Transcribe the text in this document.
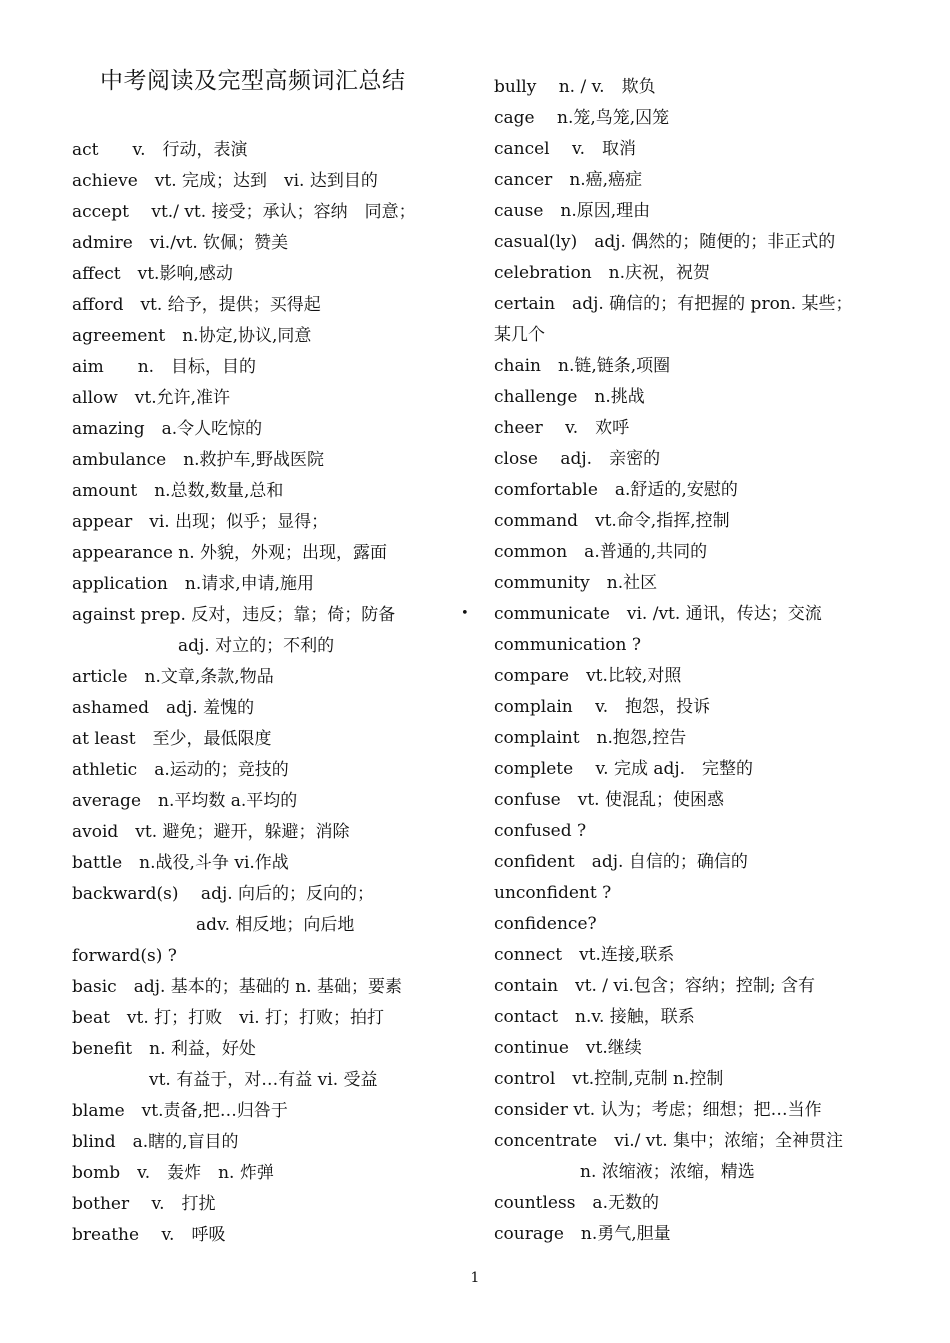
中考阅读及完型高频词汇总结
act　　v.　行动，表演
achieve　vt. 完成；达到　vi. 达到目的
accept　 vt./ vt. 接受；承认；容纳　同意；
admire　vi./vt. 钦佩；赞美
affect　vt.影响,感动
afford　vt. 给予，提供；买得起
agreement　n.协定,协议,同意
aim　　n.　目标，目的
allow　vt.允许,准许
amazing　a.令人吃惊的
ambulance　n.救护车,野战医院
amount　n.总数,数量,总和
appear　vi. 出现；似乎；显得；
appearance n. 外貌，外观；出现，露面
application　n.请求,申请,施用
against prep. 反对，违反；靠；倚；防备
adj. 对立的；不利的
article　n.文章,条款,物品
ashamed　adj. 羞愧的
at least　至少，最低限度
athletic　a.运动的；竞技的
average　n.平均数 a.平均的
avoid　vt. 避免；避开，躲避；消除
battle　n.战役,斗争 vi.作战
backward(s)　 adj. 向后的；反向的；
adv. 相反地；向后地
forward(s) ?
basic　adj. 基本的；基础的 n. 基础；要素
beat　vt. 打；打败　vi. 打；打败；拍打
benefit　n. 利益，好处
vt. 有益于，对…有益 vi. 受益
blame　vt.责备,把…归咎于
blind　a.瞎的,盲目的
bomb　v.　轰炸　n. 炸弹
bother　 v.　打扰
breathe　 v.　呼吸
bully　 n. / v.　欺负
cage　 n.笼,鸟笼,囚笼
cancel　 v.　取消
cancer　n.癌,癌症
cause　n.原因,理由
casual(ly)　adj. 偶然的；随便的；非正式的
celebration　n.庆祝，祝贺
certain　adj. 确信的；有把握的 pron. 某些；
某几个
chain　n.链,链条,项圈
challenge　n.挑战
cheer　 v.　欢呼
close　 adj.　亲密的
comfortable　a.舒适的,安慰的
command　vt.命令,指挥,控制
common　a.普通的,共同的
community　n.社区
• communicate　vi. /vt. 通讯，传达；交流
communication ?
compare　vt.比较,对照
complain　 v.　抱怨，投诉
complaint　n.抱怨,控告
complete　 v. 完成 adj.　完整的
confuse　vt. 使混乱；使困惑
confused ?
confident　adj. 自信的；确信的
unconfident ?
confidence?
connect　vt.连接,联系
contain　vt. / vi.包含；容纳；控制; 含有
contact　n.v. 接触，联系
continue　vt.继续
control　vt.控制,克制 n.控制
consider vt. 认为；考虑；细想；把…当作
concentrate　vi./ vt. 集中；浓缩；全神贯注
n. 浓缩液；浓缩，精选
countless　a.无数的
courage　n.勇气,胆量
1
